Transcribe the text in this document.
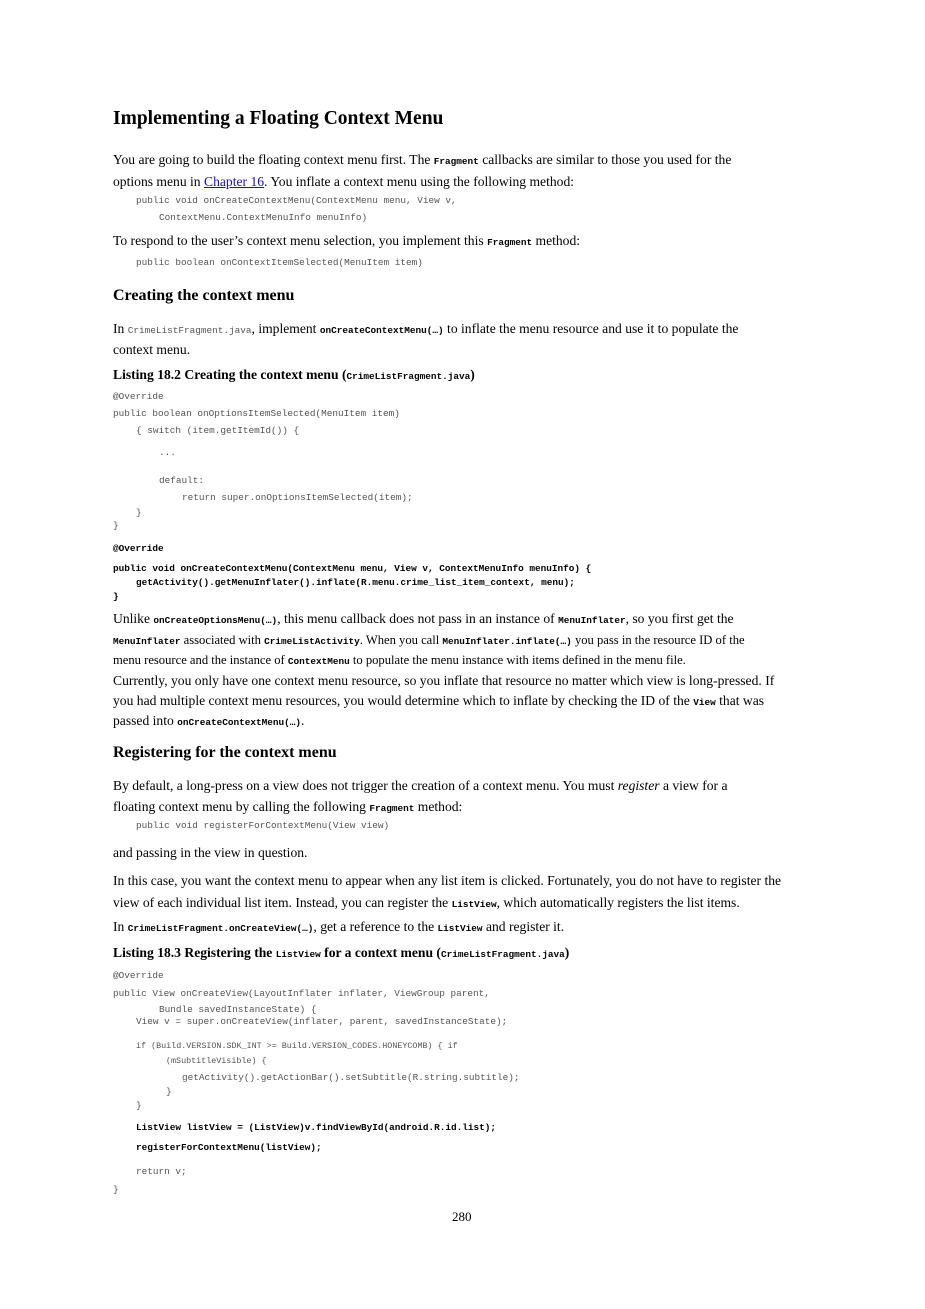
Implementing a Floating Context Menu
You are going to build the floating context menu first. The Fragment callbacks are similar to those you used for the
options menu in Chapter 16. You inflate a context menu using the following method:
public void onCreateContextMenu(ContextMenu menu, View v,
ContextMenu.ContextMenuInfo menuInfo)
To respond to the user’s context menu selection, you implement this Fragment method:
public boolean onContextItemSelected(MenuItem item)
Creating the context menu
In CrimeListFragment.java, implement onCreateContextMenu(…) to inflate the menu resource and use it to populate the
context menu.
Listing 18.2 Creating the context menu (CrimeListFragment.java)
@Override
public boolean onOptionsItemSelected(MenuItem item)
{ switch (item.getItemId()) {
...
default:
return super.onOptionsItemSelected(item);
}
}
@Override
public void onCreateContextMenu(ContextMenu menu, View v, ContextMenuInfo menuInfo) {
getActivity().getMenuInflater().inflate(R.menu.crime_list_item_context, menu);
}
Unlike onCreateOptionsMenu(…), this menu callback does not pass in an instance of MenuInflater, so you first get the
MenuInflater associated with CrimeListActivity. When you call MenuInflater.inflate(…) you pass in the resource ID of the
menu resource and the instance of ContextMenu to populate the menu instance with items defined in the menu file.
Currently, you only have one context menu resource, so you inflate that resource no matter which view is long-pressed. If
you had multiple context menu resources, you would determine which to inflate by checking the ID of the View that was
passed into onCreateContextMenu(…).
Registering for the context menu
By default, a long-press on a view does not trigger the creation of a context menu. You must register a view for a
floating context menu by calling the following Fragment method:
public void registerForContextMenu(View view)
and passing in the view in question.
In this case, you want the context menu to appear when any list item is clicked. Fortunately, you do not have to register the
view of each individual list item. Instead, you can register the ListView, which automatically registers the list items.
In CrimeListFragment.onCreateView(…), get a reference to the ListView and register it.
Listing 18.3 Registering the ListView for a context menu (CrimeListFragment.java)
@Override
public View onCreateView(LayoutInflater inflater, ViewGroup parent,
Bundle savedInstanceState) {
View v = super.onCreateView(inflater, parent, savedInstanceState);
if (Build.VERSION.SDK_INT >= Build.VERSION_CODES.HONEYCOMB) { if
(mSubtitleVisible) {
getActivity().getActionBar().setSubtitle(R.string.subtitle);
}
}
ListView listView = (ListView)v.findViewById(android.R.id.list);
registerForContextMenu(listView);
return v;
}
280
